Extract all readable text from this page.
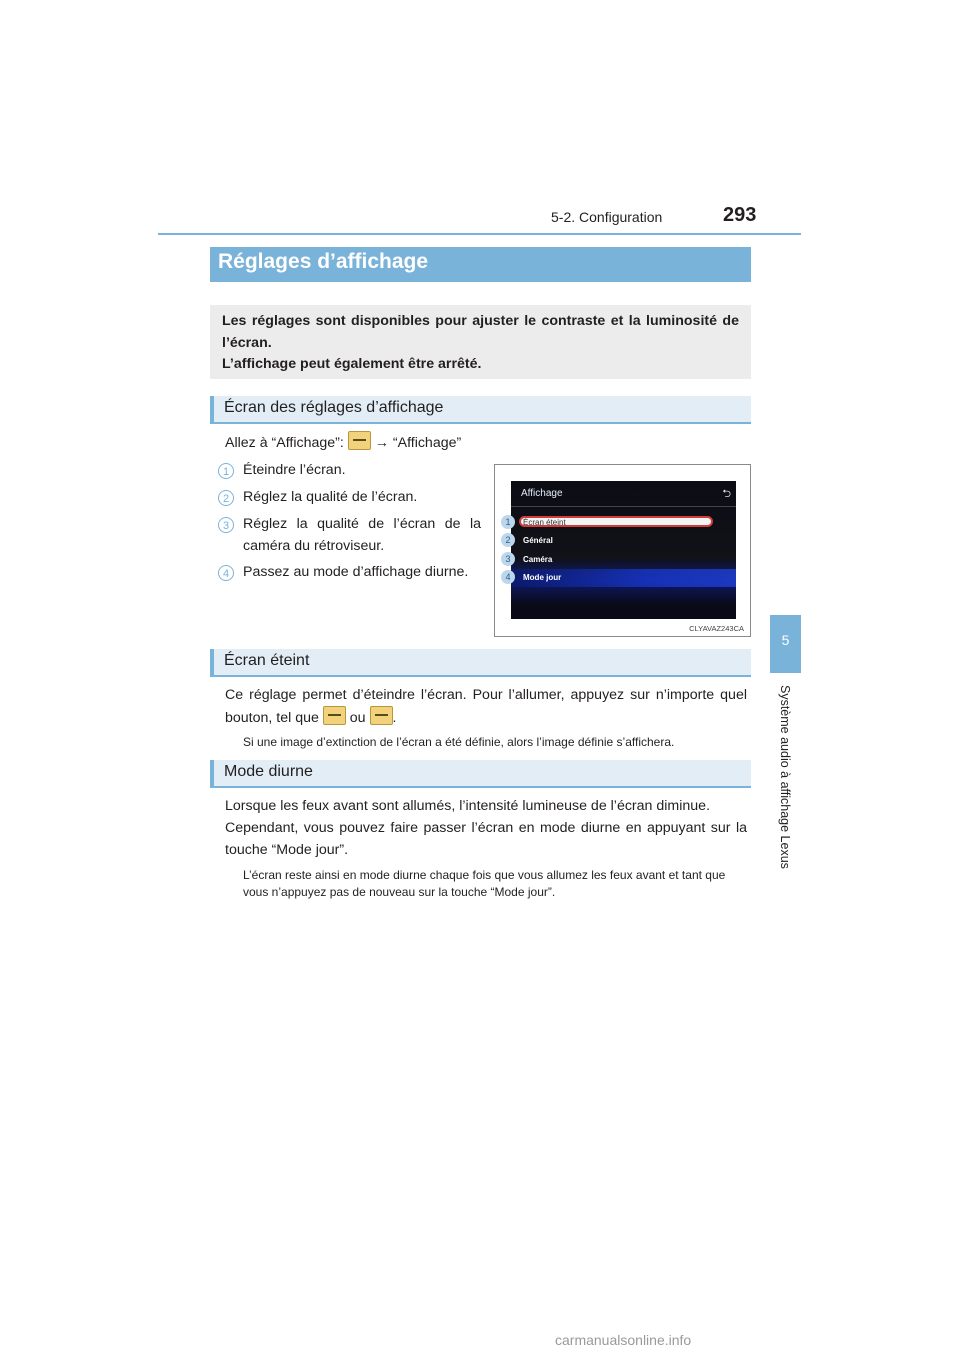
5-2. Configuration	293
5
Système audio à affichage Lexus
Réglages d’affichage

Les réglages sont disponibles pour ajuster le contraste et la luminosité de l’écran.

L’affichage peut également être arrêté.

Écran des réglages d’affichage
Allez à “Affichage”: → “Affichage”
1 Éteindre l’écran.
2 Réglez la qualité de l’écran.
3 Réglez la qualité de l’écran de la caméra du rétroviseur.
4 Passez au mode d’affichage diurne.
Affichage	⮌
Écran éteint
Général
Caméra
Mode jour
1
2
3
4
CLYAVAZ243CA
Écran éteint
Ce réglage permet d’éteindre l’écran. Pour l’allumer, appuyez sur n’importe quel bouton, tel que ou .
Si une image d’extinction de l’écran a été définie, alors l’image définie s’affichera.
Mode diurne
Lorsque les feux avant sont allumés, l’intensité lumineuse de l’écran diminue.
Cependant, vous pouvez faire passer l’écran en mode diurne en appuyant sur la touche “Mode jour”.
L’écran reste ainsi en mode diurne chaque fois que vous allumez les feux avant et tant que vous n’appuyez pas de nouveau sur la touche “Mode jour”.
carmanualsonline.info
